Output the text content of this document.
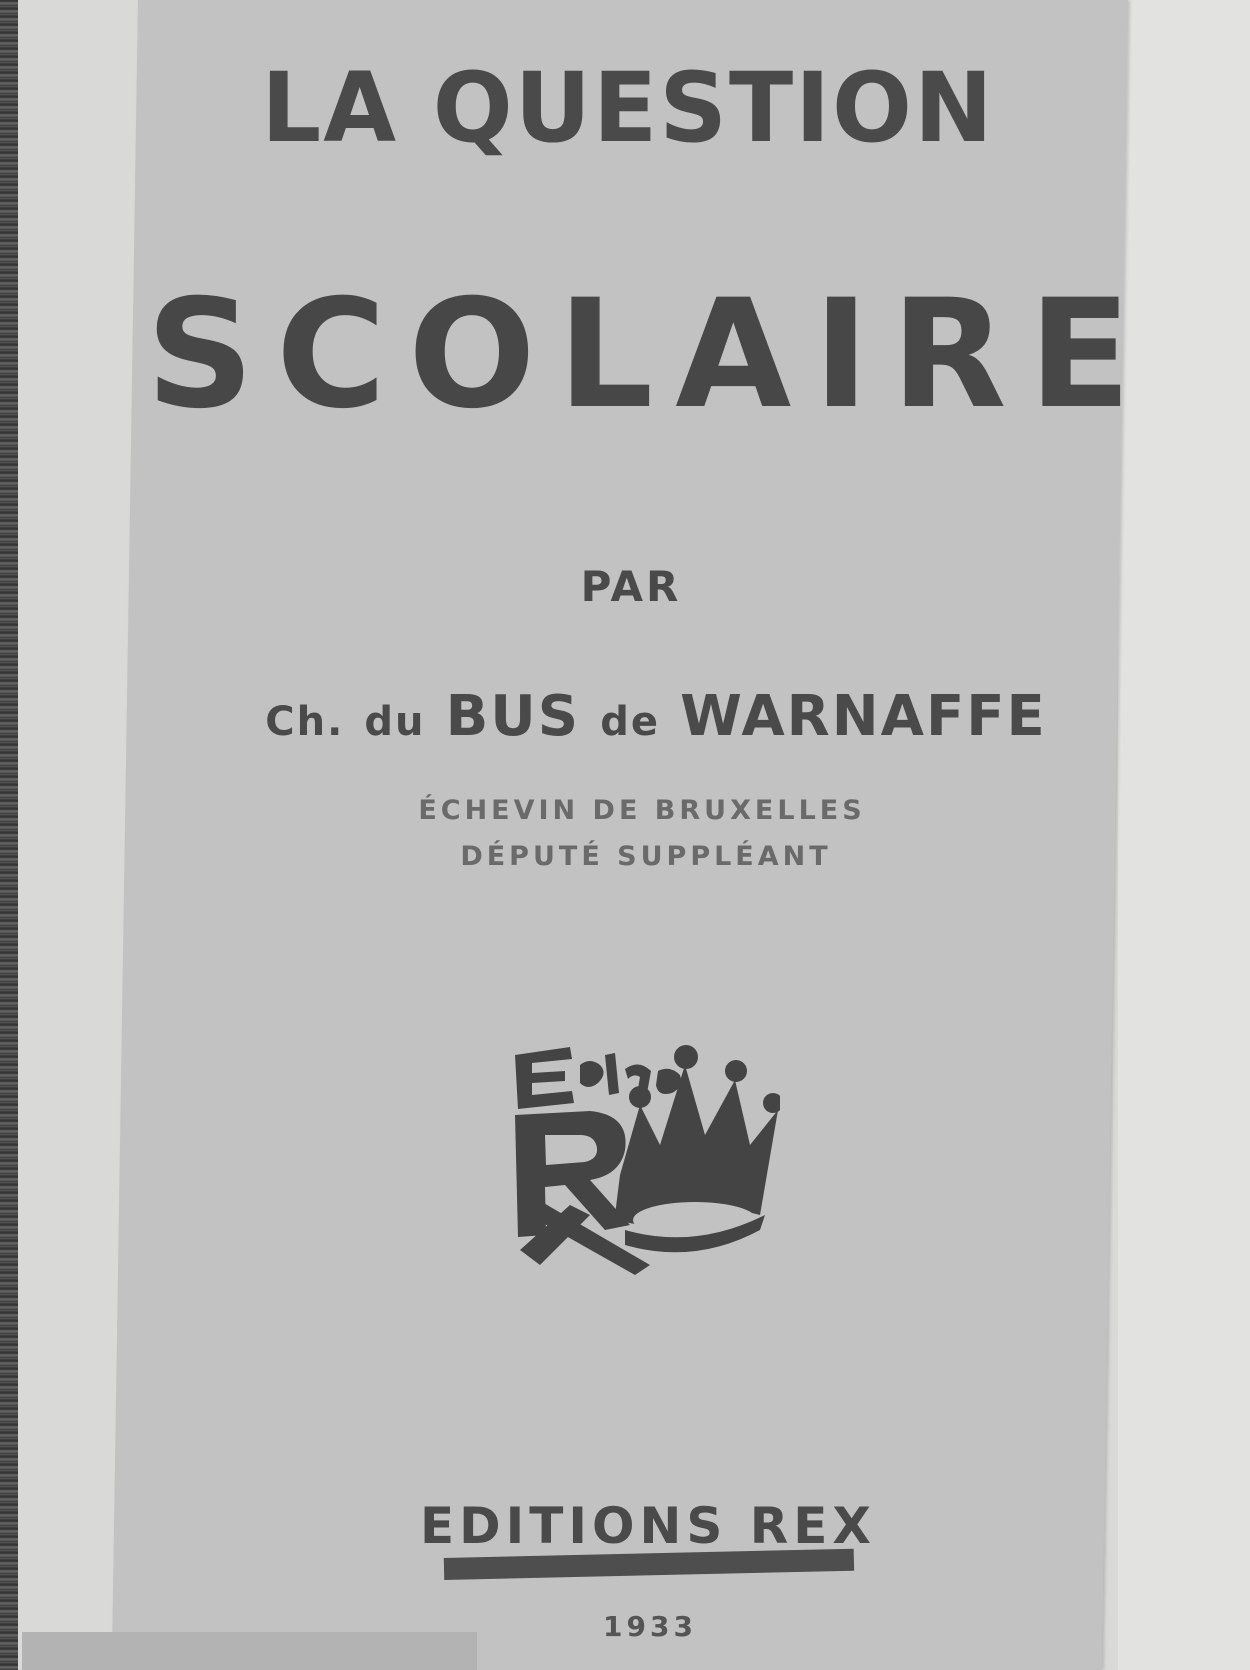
LA QUESTION
SCOLAIRE
PAR
Ch. du BUS de WARNAFFE
ÉCHEVIN DE BRUXELLES
DÉPUTÉ SUPPLÉANT
EDITIONS REX
1933
